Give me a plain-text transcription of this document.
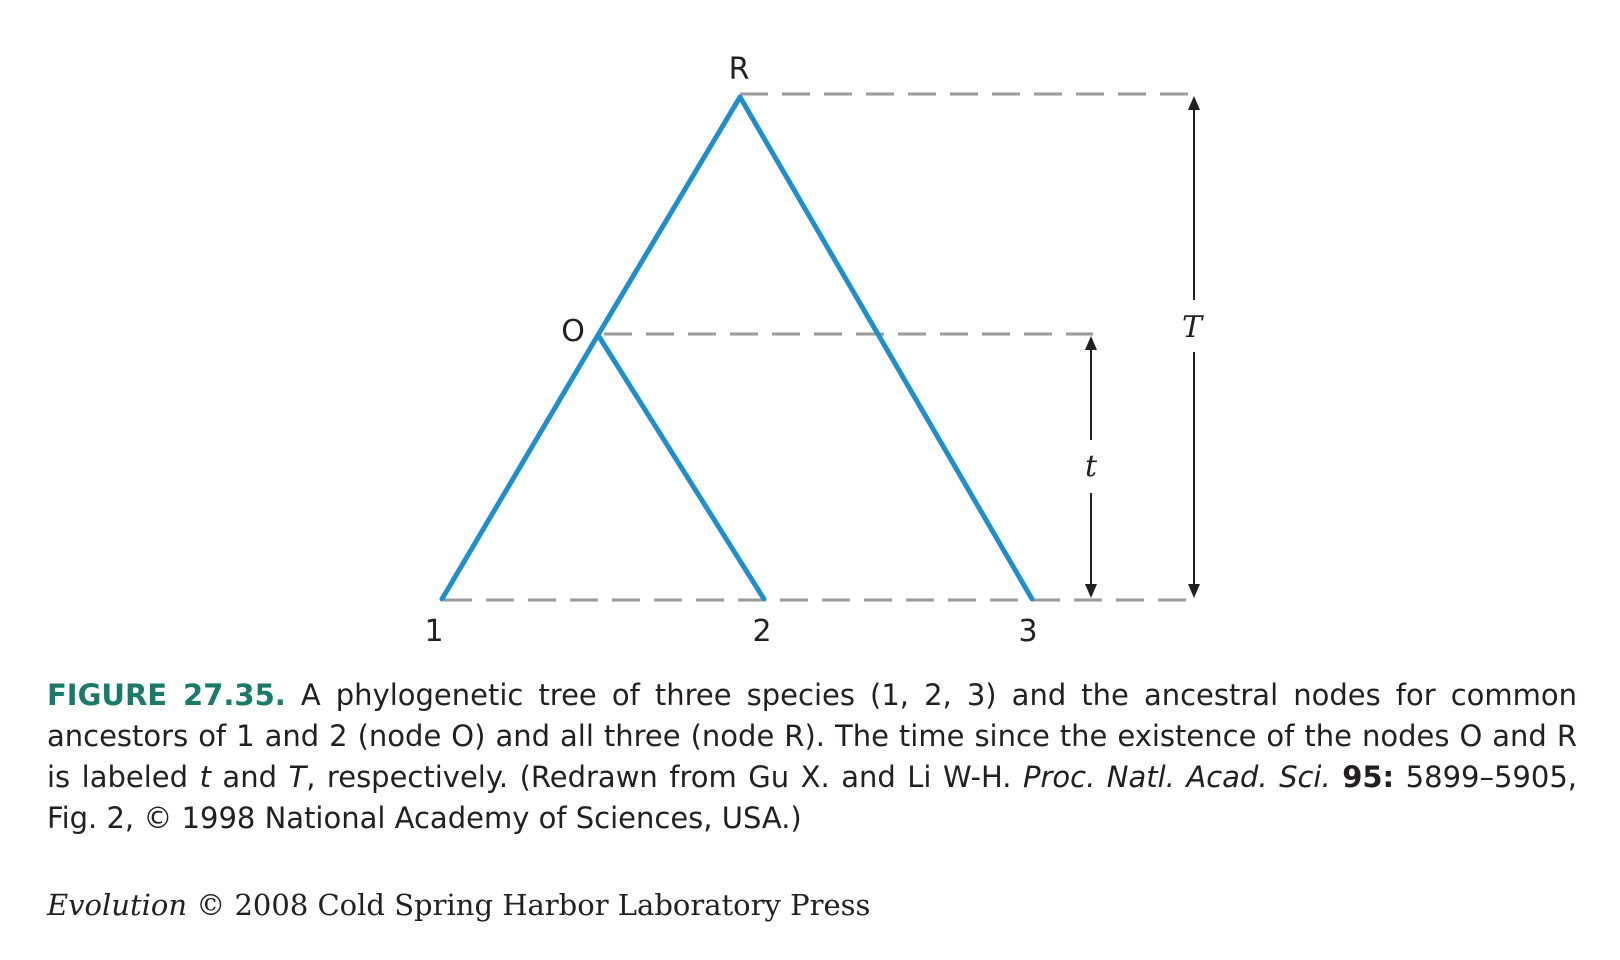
t
T
R
O
1	2	3
FIGURE 27.35. A phylogenetic tree of three species (1, 2, 3) and the ancestral nodes for common ancestors of 1 and 2 (node O) and all three (node R). The time since the existence of the nodes O and R is labeled t and T, respectively. (Redrawn from Gu X. and Li W-H. Proc. Natl. Acad. Sci. 95: 5899–5905, Fig. 2, © 1998 National Academy of Sciences, USA.)
Evolution © 2008 Cold Spring Harbor Laboratory Press
